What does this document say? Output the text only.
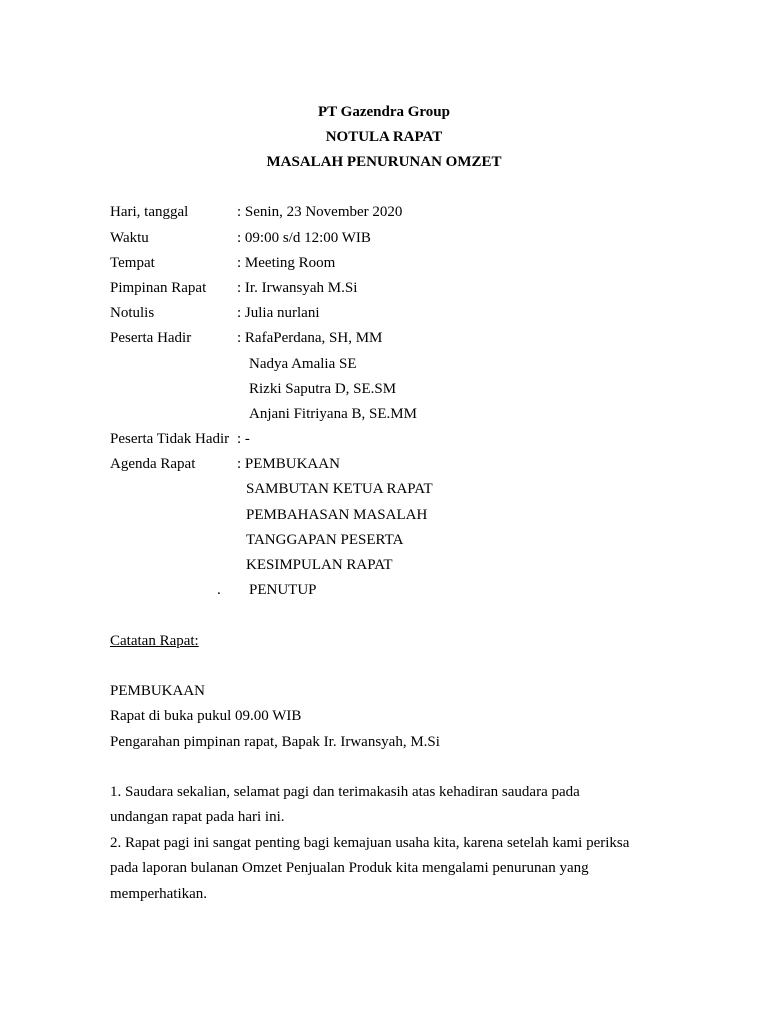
PT Gazendra Group
NOTULA RAPAT
MASALAH PENURUNAN OMZET
Hari, tanggal	: Senin, 23 November 2020
Waktu	: 09:00 s/d 12:00 WIB
Tempat	: Meeting Room
Pimpinan Rapat : Ir. Irwansyah M.Si
Notulis	: Julia nurlani
Peserta Hadir	: RafaPerdana, SH, MM
Nadya Amalia SE
Rizki Saputra D, SE.SM
Anjani Fitriyana B, SE.MM
Peserta Tidak Hadir : -
Agenda Rapat	: PEMBUKAAN
SAMBUTAN KETUA RAPAT
PEMBAHASAN MASALAH
TANGGAPAN PESERTA
KESIMPULAN RAPAT
. PENUTUP
Catatan Rapat:
PEMBUKAAN
Rapat di buka pukul 09.00 WIB
Pengarahan pimpinan rapat, Bapak Ir. Irwansyah, M.Si
1. Saudara sekalian, selamat pagi dan terimakasih atas kehadiran saudara pada
undangan rapat pada hari ini.
2. Rapat pagi ini sangat penting bagi kemajuan usaha kita, karena setelah kami periksa
pada laporan bulanan Omzet Penjualan Produk kita mengalami penurunan yang
memperhatikan.
